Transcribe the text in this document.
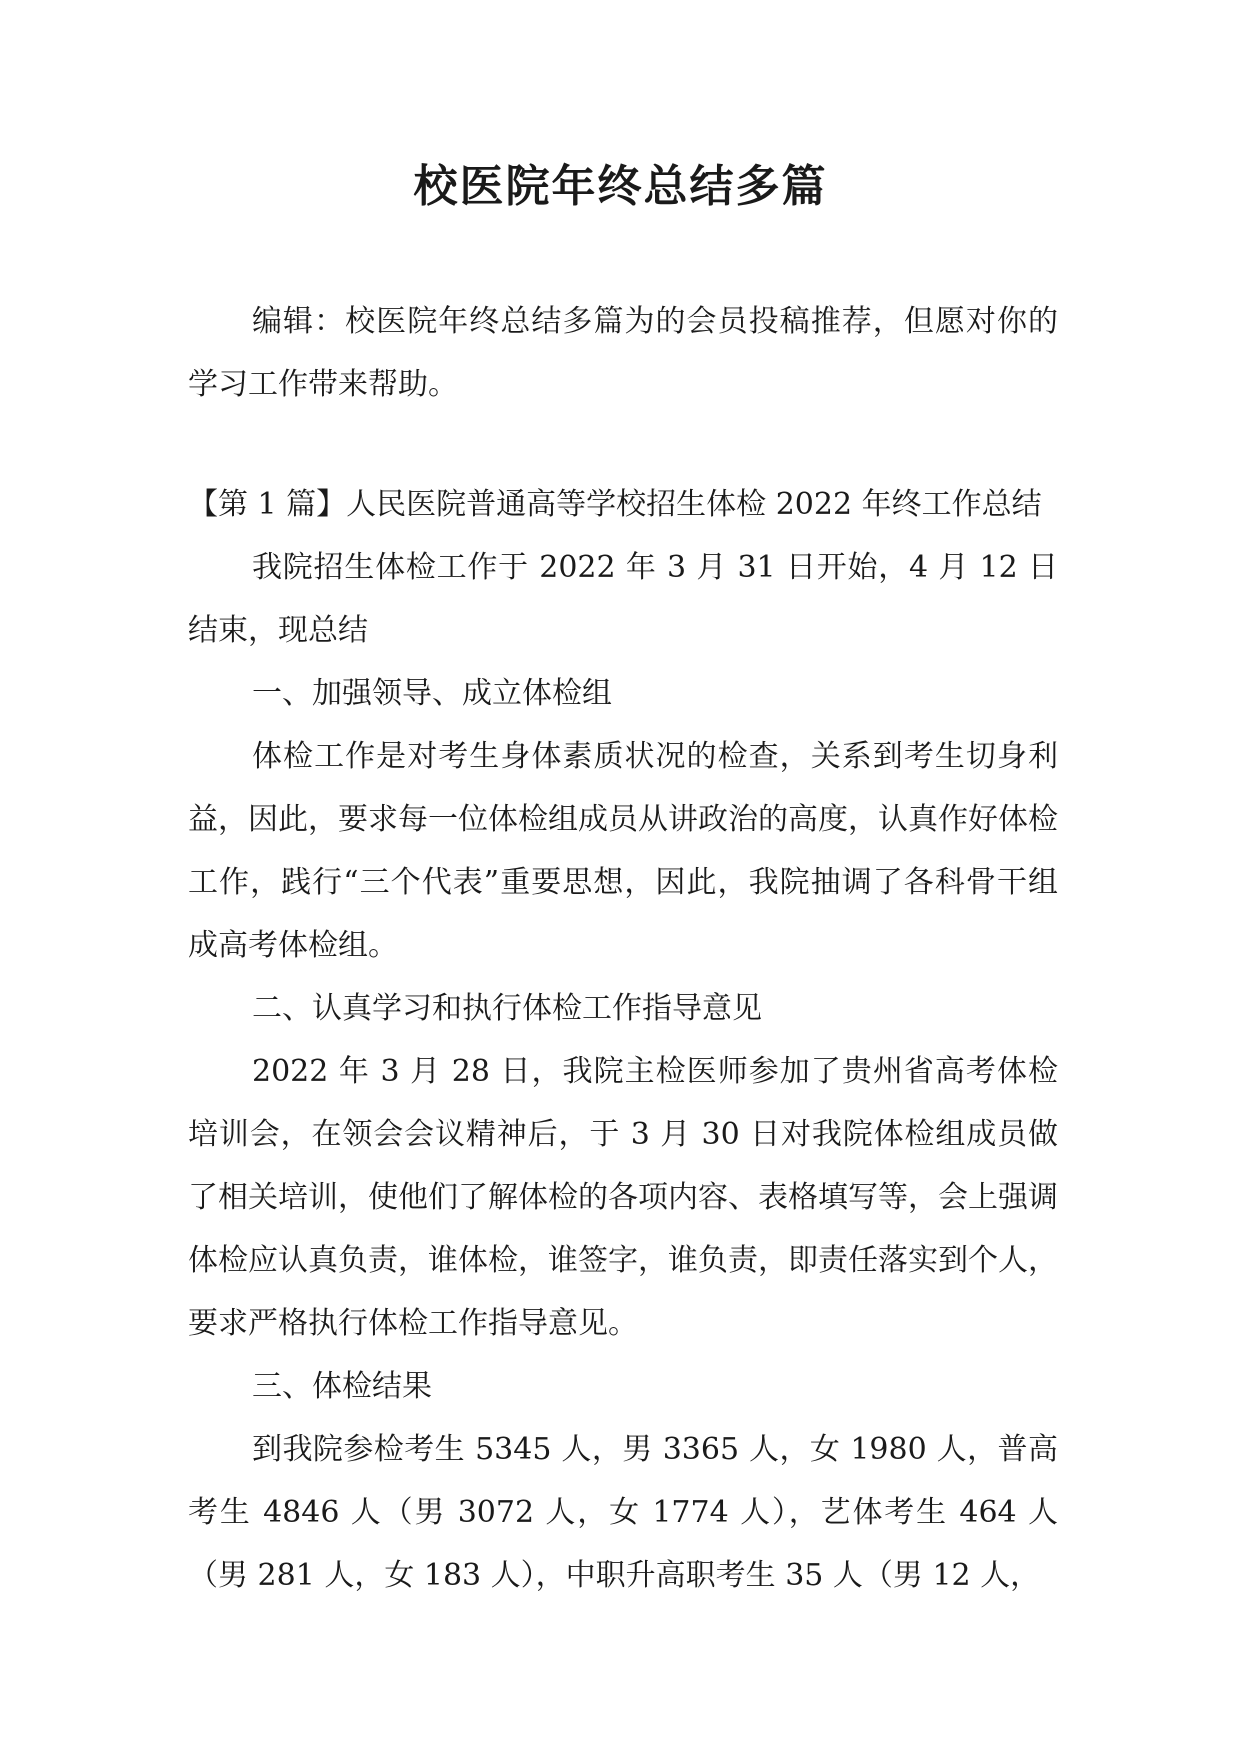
校医院年终总结多篇

编辑：校医院年终总结多篇为的会员投稿推荐，但愿对你的学习工作带来帮助。

【第 1 篇】人民医院普通高等学校招生体检 2022 年终工作总结

我院招生体检工作于 2022 年 3 月 31 日开始，4 月 12 日结束，现总结

一、加强领导、成立体检组

体检工作是对考生身体素质状况的检查，关系到考生切身利益，因此，要求每一位体检组成员从讲政治的高度，认真作好体检工作，践行“三个代表”重要思想，因此，我院抽调了各科骨干组成高考体检组。

二、认真学习和执行体检工作指导意见

2022 年 3 月 28 日，我院主检医师参加了贵州省高考体检培训会，在领会会议精神后，于 3 月 30 日对我院体检组成员做了相关培训，使他们了解体检的各项内容、表格填写等，会上强调体检应认真负责，谁体检，谁签字，谁负责，即责任落实到个人，要求严格执行体检工作指导意见。

三、体检结果

到我院参检考生 5345 人，男 3365 人，女 1980 人，普高考生 4846 人（男 3072 人，女 1774 人），艺体考生 464 人（男 281 人，女 183 人），中职升高职考生 35 人（男 12 人，
